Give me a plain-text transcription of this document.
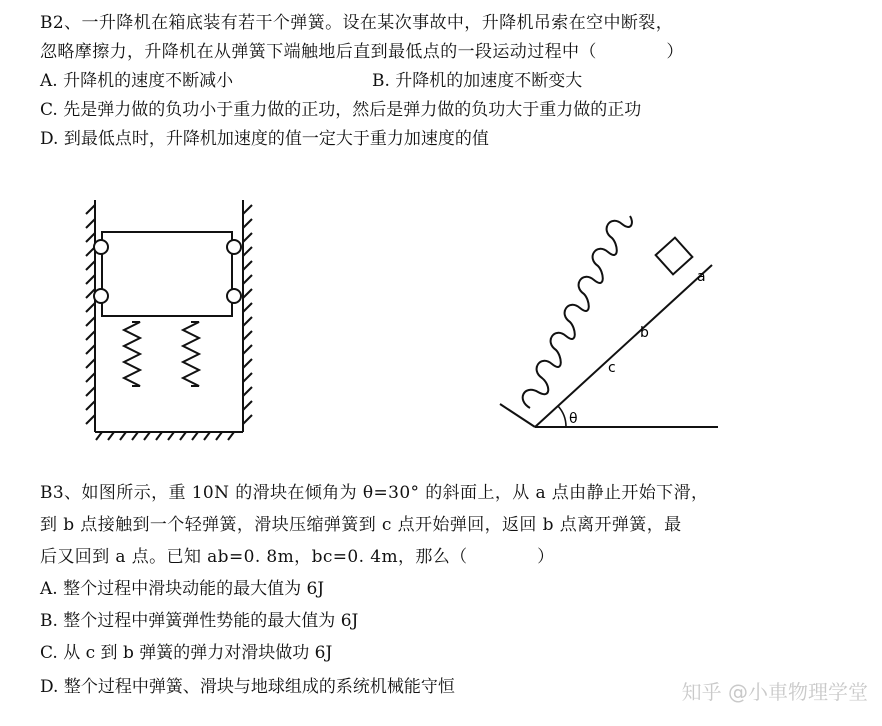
B2、一升降机在箱底装有若干个弹簧。设在某次事故中，升降机吊索在空中断裂，
忽略摩擦力，升降机在从弹簧下端触地后直到最低点的一段运动过程中（　　　　）
A. 升降机的速度不断减小	B. 升降机的加速度不断变大
C. 先是弹力做的负功小于重力做的正功，然后是弹力做的负功大于重力做的正功
D. 到最低点时，升降机加速度的值一定大于重力加速度的值
a
b
c
θ
B3、如图所示，重 10N 的滑块在倾角为 θ=30° 的斜面上，从 a 点由静止开始下滑，
到 b 点接触到一个轻弹簧，滑块压缩弹簧到 c 点开始弹回，返回 b 点离开弹簧，最
后又回到 a 点。已知 ab=0. 8m，bc=0. 4m，那么（　　　　）
A. 整个过程中滑块动能的最大值为 6J
B. 整个过程中弹簧弹性势能的最大值为 6J
C. 从 c 到 b 弹簧的弹力对滑块做功 6J
D. 整个过程中弹簧、滑块与地球组成的系统机械能守恒	知乎 @小車物理学堂
